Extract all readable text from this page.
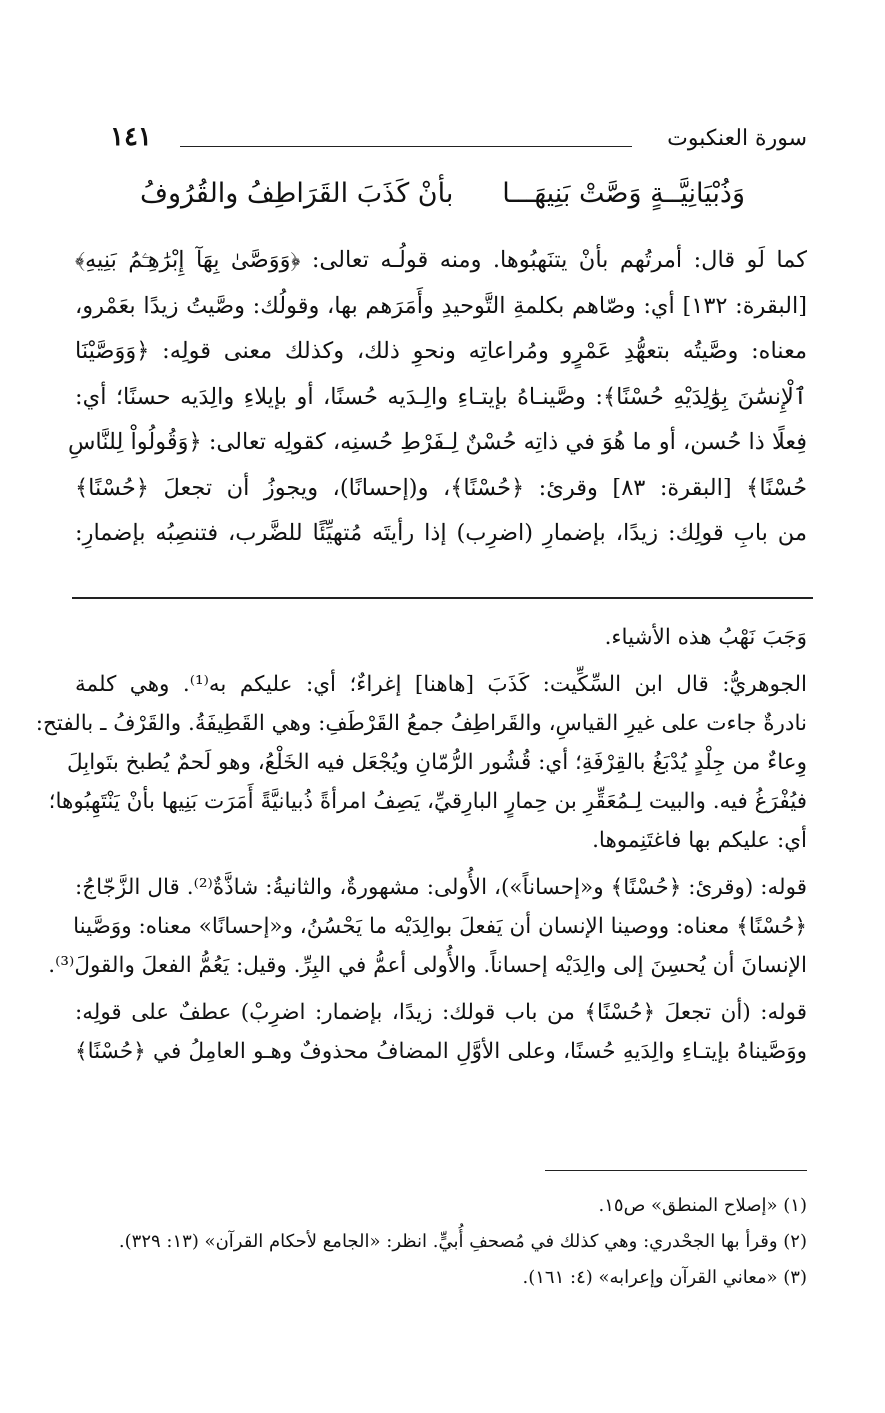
سورة العنكبوت
١٤١
وَذُبْيَانِيَّــةٍ وَصَّتْ بَنِيهَـــا
بأنْ كَذَبَ القَرَاطِفُ والقُرُوفُ
كما لَو قال: أمرتُهم بأنْ يتنَهبُوها. ومنه قولُـه تعالى: ﴿وَوَصَّىٰ بِهَآ إِبْرَٰهِـۧمُ بَنِيهِ﴾
[البقرة: ١٣٢] أي: وصّاهم بكلمةِ التَّوحيدِ وأَمَرَهم بها، وقولُك: وصَّيتُ زيدًا بعَمْرو،
معناه: وصَّيتُه بتعهُّدِ عَمْرٍو ومُراعاتِه ونحوِ ذلك، وكذلك معنى قولِه: ﴿وَوَصَّيْنَا
ٱلْإِنسَٰنَ بِوَٰلِدَيْهِ حُسْنًا﴾: وصَّينـاهُ بإيتـاءِ والِـدَيه حُسنًا، أو بإيلاءِ والِدَيه حسنًا؛ أي:
فِعلًا ذا حُسن، أو ما هُوَ في ذاتِه حُسْنٌ لِـفَرْطِ حُسنِه، كقولِه تعالى: ﴿وَقُولُواْ لِلنَّاسِ
حُسْنًا﴾ [البقرة: ٨٣] وقرئ: ﴿حُسْنًا﴾، و(إحسانًا)، ويجوزُ أن تجعلَ ﴿حُسْنًا﴾
من بابِ قولِك: زيدًا، بإضمارِ (اضرِب) إذا رأيتَه مُتهيِّئًا للضَّرب، فتنصِبُه بإضمارِ:
وَجَبَ نَهْبُ هذه الأشياء.
الجوهريُّ: قال ابن السِّكِّيت: كَذَبَ [هاهنا] إغراءٌ؛ أي: عليكم به⁽¹⁾. وهي كلمة
نادرةٌ جاءت على غيرِ القياسِ، والقَراطِفُ جمعُ القَرْطَفِ: وهي القَطِيفَةُ. والقَرْفُ ـ بالفتح:
وِعاءٌ من جِلْدٍ يُدْبَغُ بالقِرْفَةِ؛ أي: قُشُور الرُّمّانِ ويُجْعَل فيه الخَلْعُ، وهو لَحمٌ يُطبخ بتَوابِلَ
فيُفْرَغُ فيه. والبيت لِـمُعَقِّرِ بن حِمارٍ البارِقيِّ، يَصِفُ امرأةً ذُبيانيَّةً أَمَرَت بَنِيها بأنْ يَنْتَهِبُوها؛
أي: عليكم بها فاغتَنِموها.
قوله: (وقرئ: ﴿حُسْنًا﴾ و«إحساناً»)، الأُولى: مشهورةٌ، والثانيةُ: شاذَّةٌ⁽²⁾. قال الزَّجّاجُ:
﴿حُسْنًا﴾ معناه: ووصينا الإنسان أن يَفعلَ بوالِدَيْه ما يَحْسُنُ، و«إحسانًا» معناه: ووَصَّينا
الإنسانَ أن يُحسِنَ إلى والِدَيْه إحساناً. والأُولى أعمُّ في البِرِّ. وقيل: يَعُمُّ الفعلَ والقولَ⁽³⁾.
قوله: (أن تجعلَ ﴿حُسْنًا﴾ من باب قولك: زيدًا، بإضمار: اضرِبْ) عطفٌ على قولِه:
ووَصَّيناهُ بإيتـاءِ والِدَيهِ حُسنًا، وعلى الأوَّلِ المضافُ محذوفٌ وهـو العامِلُ في ﴿حُسْنًا﴾
(١) «إصلاح المنطق» ص١٥.
(٢) وقرأ بها الجحْدري: وهي كذلك في مُصحفِ أُبيٍّ. انظر: «الجامع لأحكام القرآن» (١٣: ٣٢٩).
(٣) «معاني القرآن وإعرابه» (٤: ١٦١).
